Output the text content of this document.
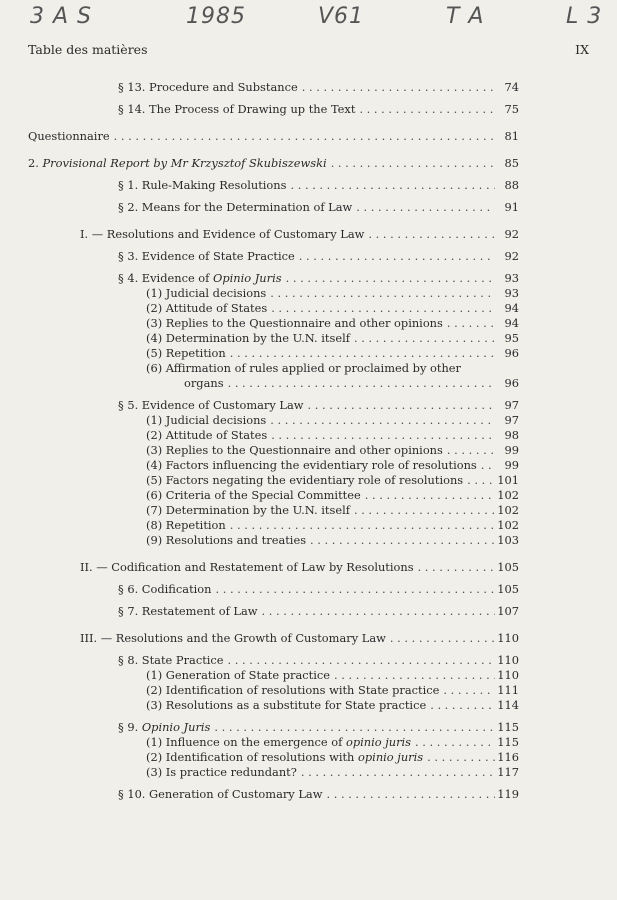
3 A S	1985	V61	T A	L 3
Table des matières	IX
§ 13. Procedure and Substance . . .	74
§ 14. The Process of Drawing up the Text . . .	75
Questionnaire . . .	81
2. Provisional Report by Mr Krzysztof Skubiszewski . . .	85
§ 1. Rule-Making Resolutions . . .	88
§ 2. Means for the Determination of Law . . .	91
I. — Resolutions and Evidence of Customary Law . . .	92
§ 3. Evidence of State Practice . . .	92
§ 4. Evidence of Opinio Juris . . .	93
(1) Judicial decisions . . .	93
(2) Attitude of States . . .	94
(3) Replies to the Questionnaire and other opinions . . .	94
(4) Determination by the U.N. itself . . .	95
(5) Repetition . . .	96
(6) Affirmation of rules applied or proclaimed by other
organs . . .	96
§ 5. Evidence of Customary Law . . .	97
(1) Judicial decisions . . .	97
(2) Attitude of States . . .	98
(3) Replies to the Questionnaire and other opinions . . .	99
(4) Factors influencing the evidentiary role of resolutions . . .	99
(5) Factors negating the evidentiary role of resolutions . . .	101
(6) Criteria of the Special Committee . . .	102
(7) Determination by the U.N. itself . . .	102
(8) Repetition . . .	102
(9) Resolutions and treaties . . .	103
II. — Codification and Restatement of Law by Resolutions . . .	105
§ 6. Codification . . .	105
§ 7. Restatement of Law . . .	107
III. — Resolutions and the Growth of Customary Law . . .	110
§ 8. State Practice . . .	110
(1) Generation of State practice . . .	110
(2) Identification of resolutions with State practice . . .	111
(3) Resolutions as a substitute for State practice . . .	114
§ 9. Opinio Juris . . .	115
(1) Influence on the emergence of opinio juris . . .	115
(2) Identification of resolutions with opinio juris . . .	116
(3) Is practice redundant? . . .	117
§ 10. Generation of Customary Law . . .	119
